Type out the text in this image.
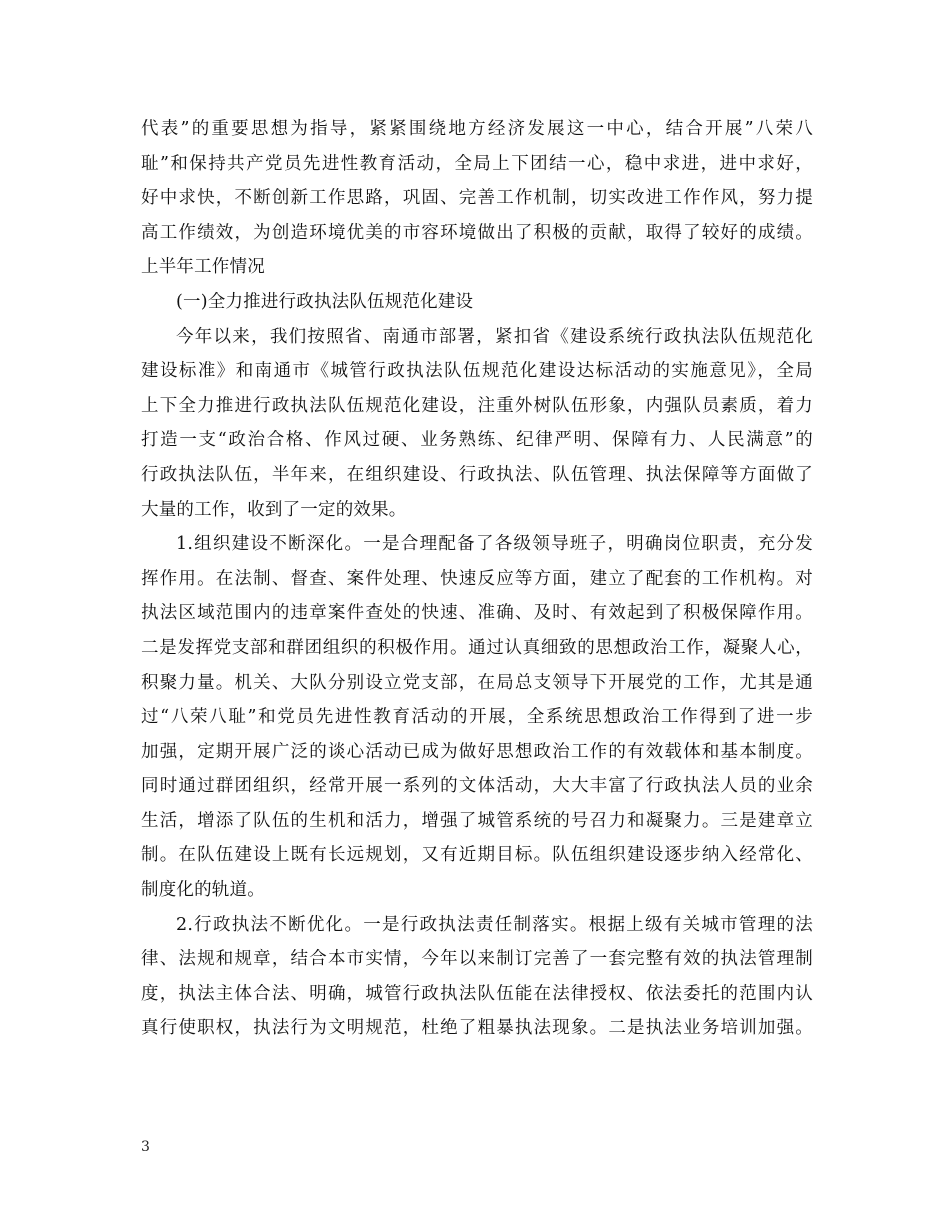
代表”的重要思想为指导，紧紧围绕地方经济发展这一中心，结合开展”八荣八
耻”和保持共产党员先进性教育活动，全局上下团结一心，稳中求进，进中求好，
好中求快，不断创新工作思路，巩固、完善工作机制，切实改进工作作风，努力提
高工作绩效，为创造环境优美的市容环境做出了积极的贡献，取得了较好的成绩。
上半年工作情况
(一)全力推进行政执法队伍规范化建设
今年以来，我们按照省、南通市部署，紧扣省《建设系统行政执法队伍规范化
建设标准》和南通市《城管行政执法队伍规范化建设达标活动的实施意见》，全局
上下全力推进行政执法队伍规范化建设，注重外树队伍形象，内强队员素质，着力
打造一支“政治合格、作风过硬、业务熟练、纪律严明、保障有力、人民满意”的
行政执法队伍，半年来，在组织建设、行政执法、队伍管理、执法保障等方面做了
大量的工作，收到了一定的效果。
1.组织建设不断深化。一是合理配备了各级领导班子，明确岗位职责，充分发
挥作用。在法制、督查、案件处理、快速反应等方面，建立了配套的工作机构。对
执法区域范围内的违章案件查处的快速、准确、及时、有效起到了积极保障作用。
二是发挥党支部和群团组织的积极作用。通过认真细致的思想政治工作，凝聚人心，
积聚力量。机关、大队分别设立党支部，在局总支领导下开展党的工作，尤其是通
过“八荣八耻”和党员先进性教育活动的开展，全系统思想政治工作得到了进一步
加强，定期开展广泛的谈心活动已成为做好思想政治工作的有效载体和基本制度。
同时通过群团组织，经常开展一系列的文体活动，大大丰富了行政执法人员的业余
生活，增添了队伍的生机和活力，增强了城管系统的号召力和凝聚力。三是建章立
制。在队伍建设上既有长远规划，又有近期目标。队伍组织建设逐步纳入经常化、
制度化的轨道。
2.行政执法不断优化。一是行政执法责任制落实。根据上级有关城市管理的法
律、法规和规章，结合本市实情，今年以来制订完善了一套完整有效的执法管理制
度，执法主体合法、明确，城管行政执法队伍能在法律授权、依法委托的范围内认
真行使职权，执法行为文明规范，杜绝了粗暴执法现象。二是执法业务培训加强。
3
